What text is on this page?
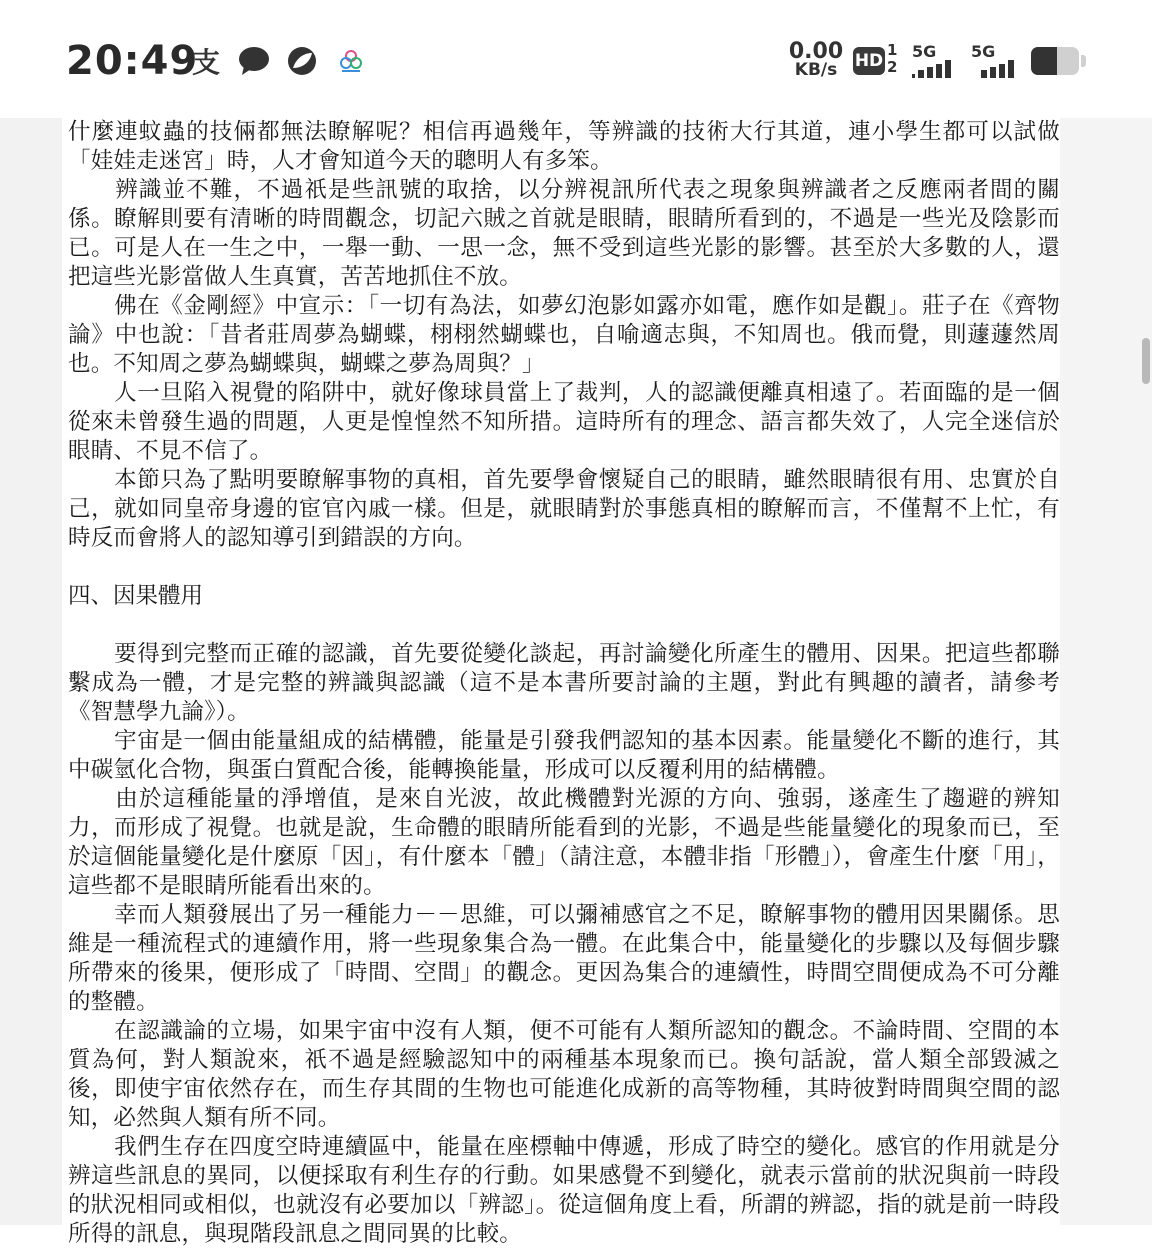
20:49
支	0.00
KB/s	HD
1
2
5G 5G

什麼連蚊蟲的技倆都無法瞭解呢？相信再過幾年，等辨識的技術大行其道，連小學生都可以試做「娃娃走迷宮」時，人才會知道今天的聰明人有多笨。

　　辨識並不難，不過祇是些訊號的取捨，以分辨視訊所代表之現象與辨識者之反應兩者間的關係。瞭解則要有清晰的時間觀念，切記六賊之首就是眼睛，眼睛所看到的，不過是一些光及陰影而已。可是人在一生之中，一舉一動、一思一念，無不受到這些光影的影響。甚至於大多數的人，還把這些光影當做人生真實，苦苦地抓住不放。

　　佛在《金剛經》中宣示：「一切有為法，如夢幻泡影如露亦如電，應作如是觀」。莊子在《齊物論》中也說：「昔者莊周夢為蝴蝶，栩栩然蝴蝶也，自喻適志與，不知周也。俄而覺，則蘧蘧然周也。不知周之夢為蝴蝶與，蝴蝶之夢為周與？」

　　人一旦陷入視覺的陷阱中，就好像球員當上了裁判，人的認識便離真相遠了。若面臨的是一個從來未曾發生過的問題，人更是惶惶然不知所措。這時所有的理念、語言都失效了，人完全迷信於眼睛、不見不信了。

　　本節只為了點明要瞭解事物的真相，首先要學會懷疑自己的眼睛，雖然眼睛很有用、忠實於自己，就如同皇帝身邊的宦官內戚一樣。但是，就眼睛對於事態真相的瞭解而言，不僅幫不上忙，有時反而會將人的認知導引到錯誤的方向。

四、因果體用

　　要得到完整而正確的認識，首先要從變化談起，再討論變化所產生的體用、因果。把這些都聯繫成為一體，才是完整的辨識與認識（這不是本書所要討論的主題，對此有興趣的讀者，請參考《智慧學九論》）。

　　宇宙是一個由能量組成的結構體，能量是引發我們認知的基本因素。能量變化不斷的進行，其中碳氫化合物，與蛋白質配合後，能轉換能量，形成可以反覆利用的結構體。

　　由於這種能量的淨增值，是來自光波，故此機體對光源的方向、強弱，遂產生了趨避的辨知力，而形成了視覺。也就是說，生命體的眼睛所能看到的光影，不過是些能量變化的現象而已，至於這個能量變化是什麼原「因」，有什麼本「體」（請注意，本體非指「形體」），會產生什麼「用」，這些都不是眼睛所能看出來的。

　　幸而人類發展出了另一種能力－－思維，可以彌補感官之不足，瞭解事物的體用因果關係。思維是一種流程式的連續作用，將一些現象集合為一體。在此集合中，能量變化的步驟以及每個步驟所帶來的後果，便形成了「時間、空間」的觀念。更因為集合的連續性，時間空間便成為不可分離的整體。

　　在認識論的立場，如果宇宙中沒有人類，便不可能有人類所認知的觀念。不論時間、空間的本質為何，對人類說來，祇不過是經驗認知中的兩種基本現象而已。換句話說，當人類全部毀滅之後，即使宇宙依然存在，而生存其間的生物也可能進化成新的高等物種，其時彼對時間與空間的認知，必然與人類有所不同。

　　我們生存在四度空時連續區中，能量在座標軸中傳遞，形成了時空的變化。感官的作用就是分辨這些訊息的異同，以便採取有利生存的行動。如果感覺不到變化，就表示當前的狀況與前一時段的狀況相同或相似，也就沒有必要加以「辨認」。從這個角度上看，所謂的辨認，指的就是前一時段所得的訊息，與現階段訊息之間同異的比較。
